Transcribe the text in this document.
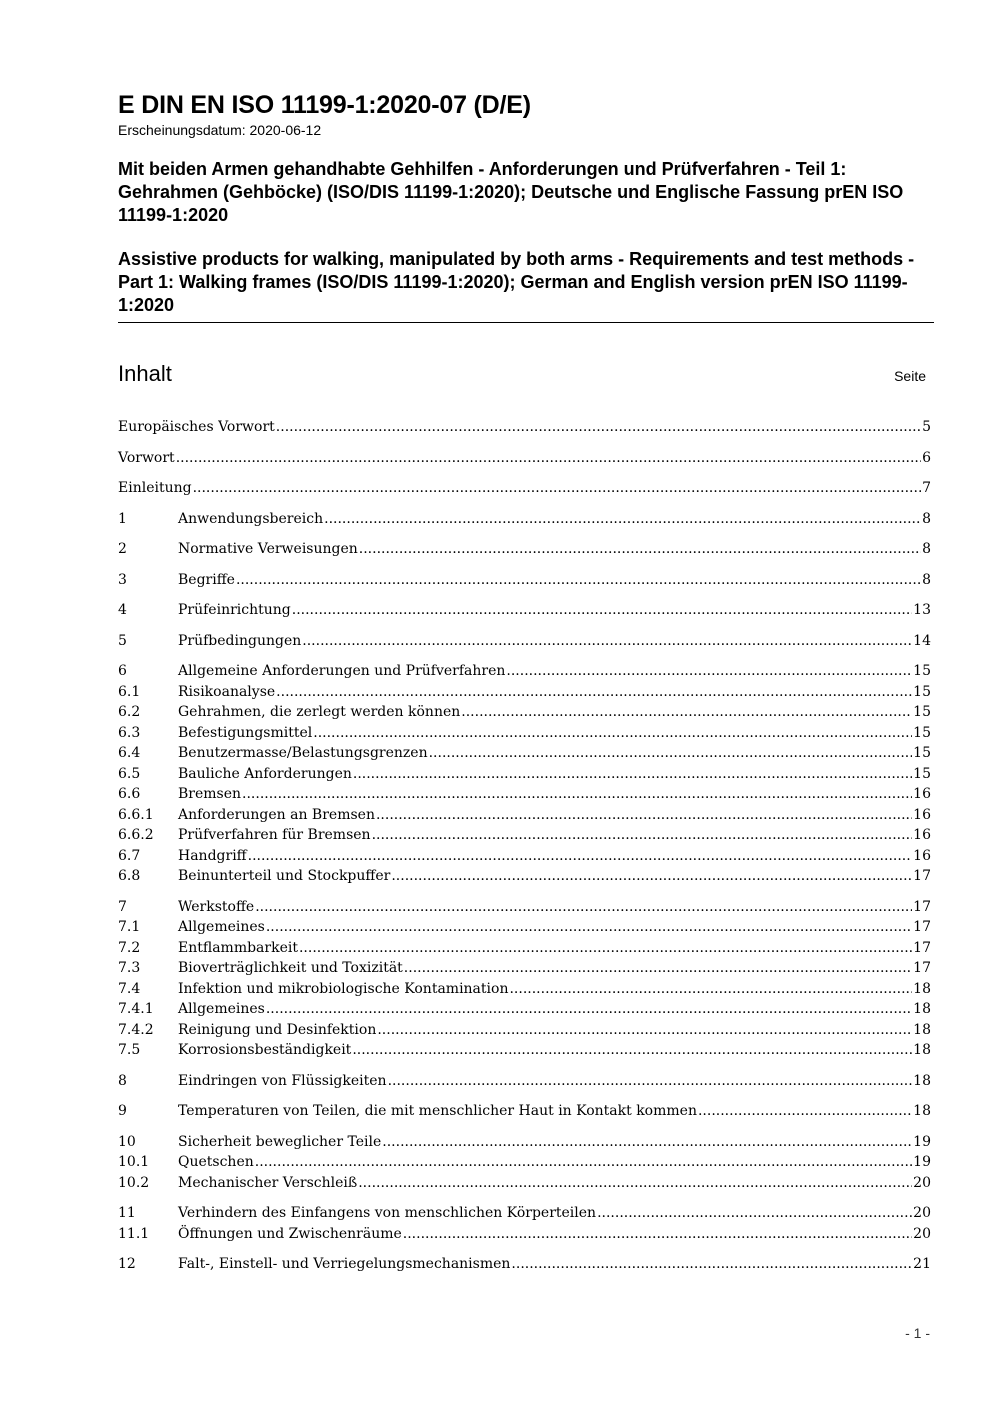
E DIN EN ISO 11199-1:2020-07 (D/E)
Erscheinungsdatum: 2020-06-12
Mit beiden Armen gehandhabte Gehhilfen - Anforderungen und Prüfverfahren - Teil 1: Gehrahmen (Gehböcke) (ISO/DIS 11199-1:2020); Deutsche und Englische Fassung prEN ISO 11199-1:2020
Assistive products for walking, manipulated by both arms - Requirements and test methods - Part 1: Walking frames (ISO/DIS 11199-1:2020); German and English version prEN ISO 11199-1:2020
Inhalt	Seite
Europäisches Vorwort .....	5
Vorwort .....	6
Einleitung .....	7
1	Anwendungsbereich .....	8
2	Normative Verweisungen .....	8
3	Begriffe .....	8
4	Prüfeinrichtung .....	13
5	Prüfbedingungen .....	14
6	Allgemeine Anforderungen und Prüfverfahren .....	15
6.1	Risikoanalyse .....	15
6.2	Gehrahmen, die zerlegt werden können .....	15
6.3	Befestigungsmittel .....	15
6.4	Benutzermasse/Belastungsgrenzen .....	15
6.5	Bauliche Anforderungen .....	15
6.6	Bremsen .....	16
6.6.1	Anforderungen an Bremsen .....	16
6.6.2	Prüfverfahren für Bremsen .....	16
6.7	Handgriff .....	16
6.8	Beinunterteil und Stockpuffer .....	17
7	Werkstoffe .....	17
7.1	Allgemeines .....	17
7.2	Entflammbarkeit .....	17
7.3	Bioverträglichkeit und Toxizität .....	17
7.4	Infektion und mikrobiologische Kontamination .....	18
7.4.1	Allgemeines .....	18
7.4.2	Reinigung und Desinfektion .....	18
7.5	Korrosionsbeständigkeit .....	18
8	Eindringen von Flüssigkeiten .....	18
9	Temperaturen von Teilen, die mit menschlicher Haut in Kontakt kommen .....	18
10	Sicherheit beweglicher Teile .....	19
10.1	Quetschen .....	19
10.2	Mechanischer Verschleiß .....	20
11	Verhindern des Einfangens von menschlichen Körperteilen .....	20
11.1	Öffnungen und Zwischenräume .....	20
12	Falt-, Einstell- und Verriegelungsmechanismen .....	21
- 1 -
